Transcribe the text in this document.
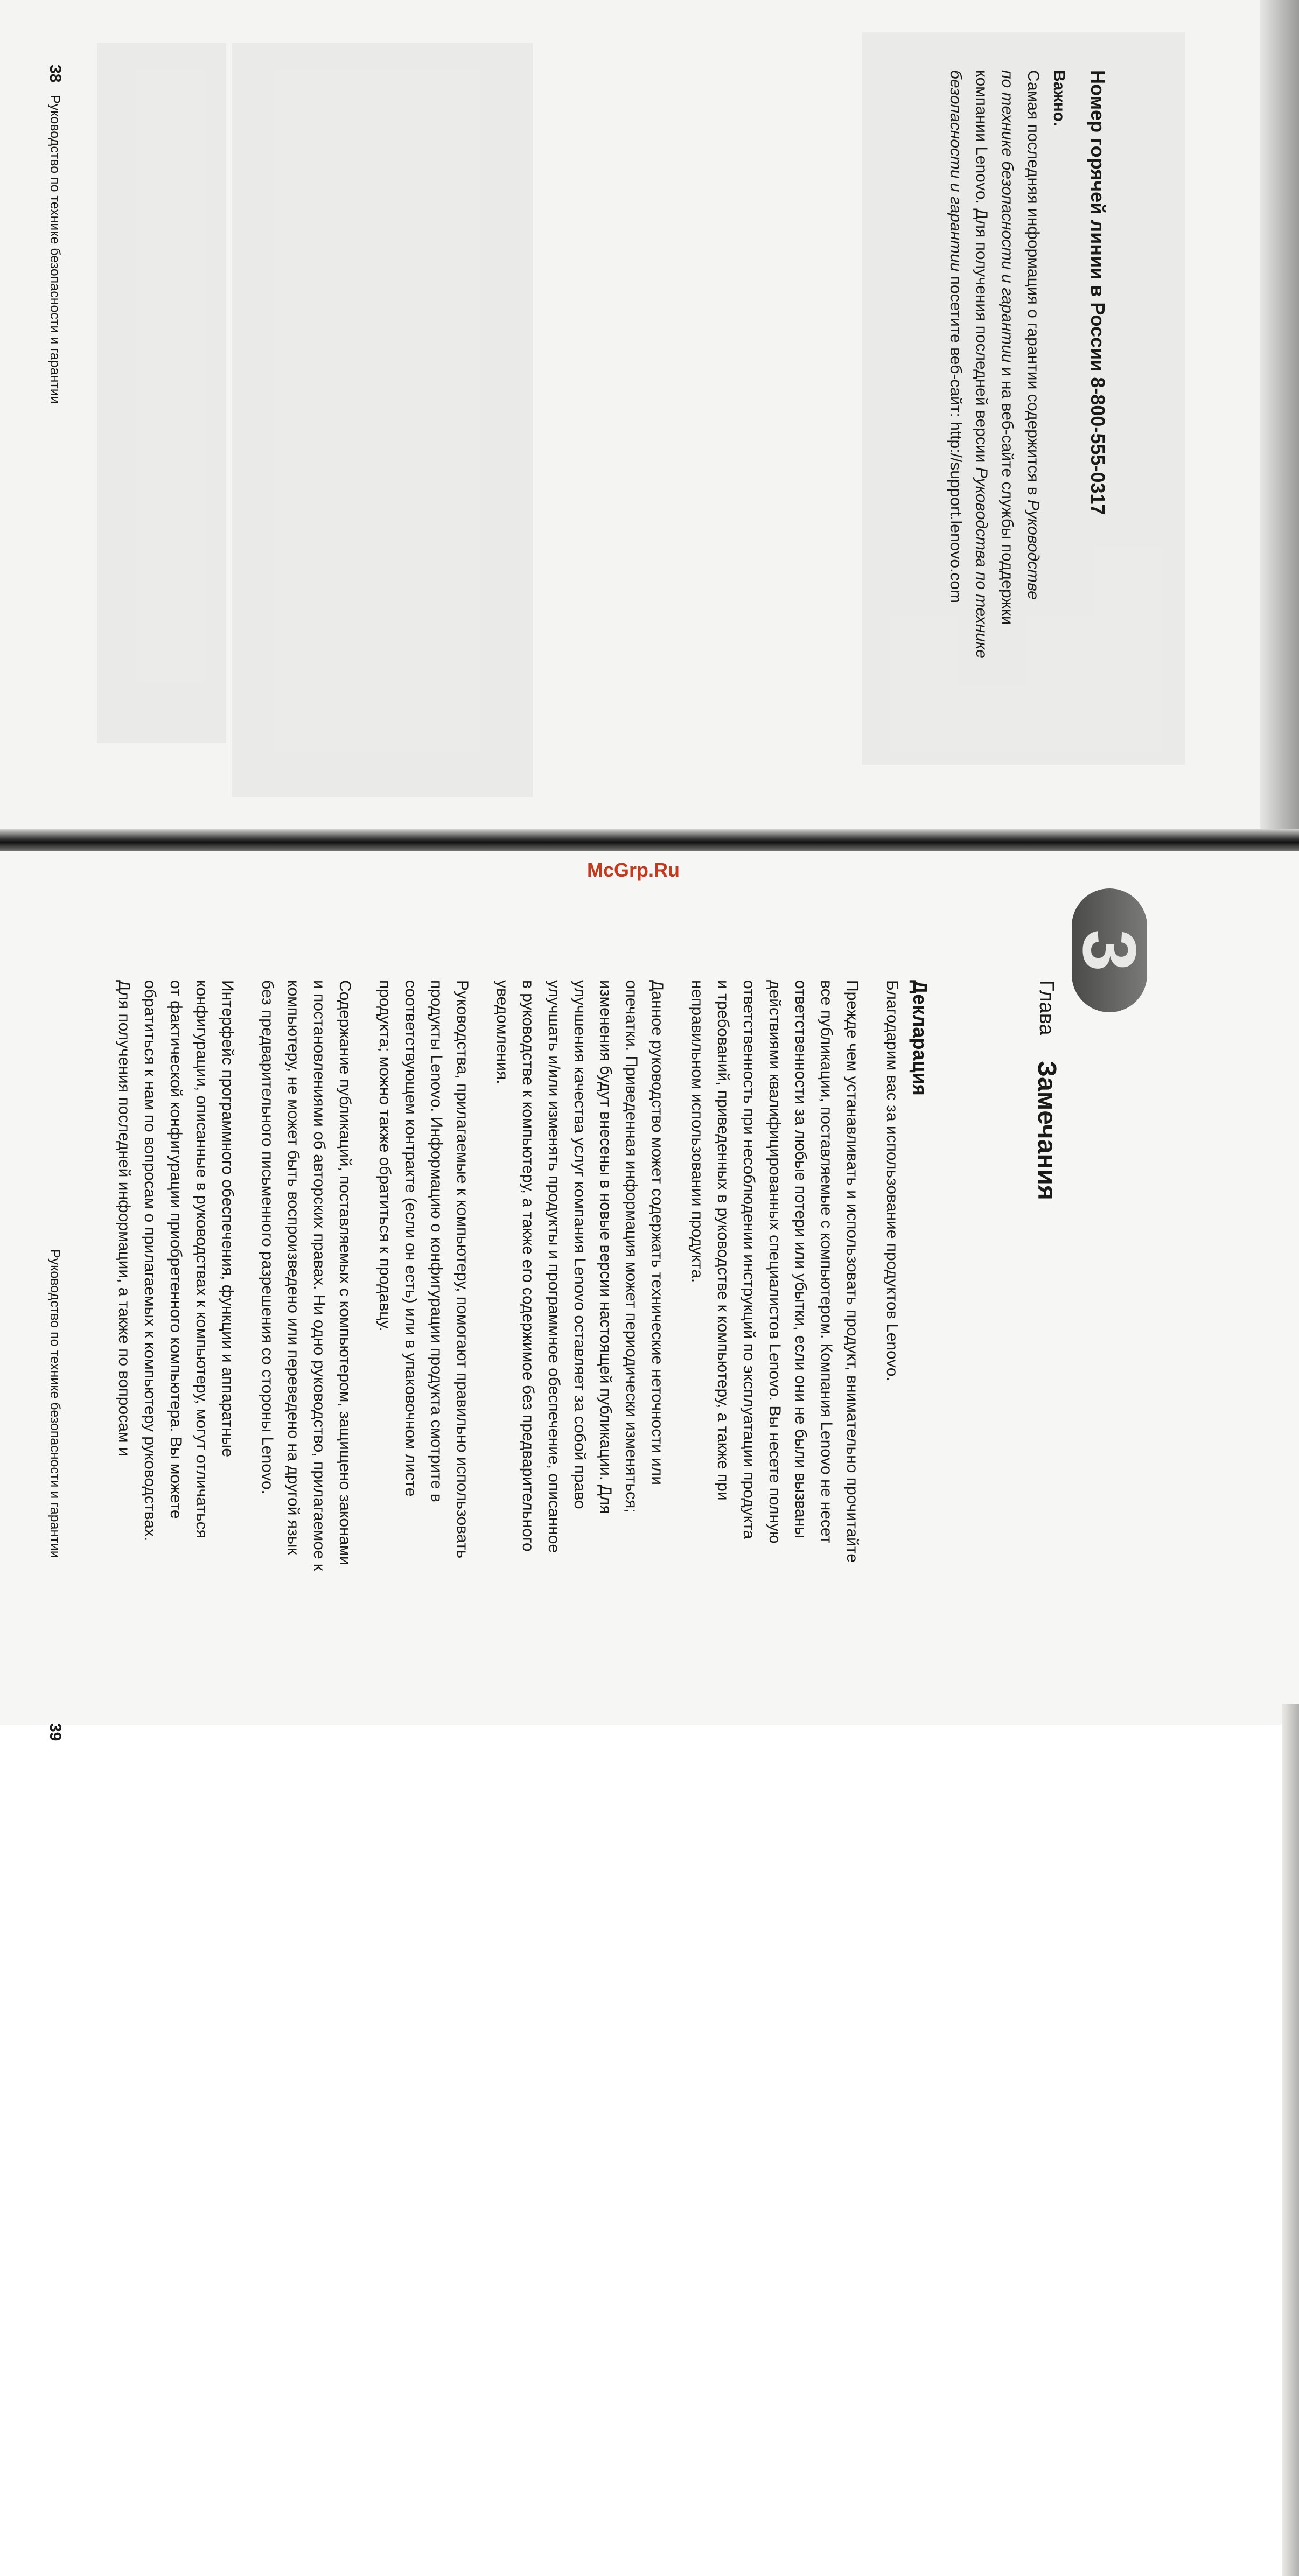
Номер горячей линии в России 8-800-555-0317

Важно.

Самая последняя информация о гарантии содержится в Руководстве

по технике безопасности и гарантии и на веб-сайте службы поддержки

компании Lenovo. Для получения последней версии Руководства по технике

безопасности и гарантии посетите веб-сайт: http://support.lenovo.com

38

Руководство по технике безопасности и гарантии

3

Глава

Замечания

Декларация

Благодарим вас за использование продуктов Lenovo.

Прежде чем устанавливать и использовать продукт, внимательно прочитайте

все публикации, поставляемые с компьютером. Компания Lenovo не несет

ответственности за любые потери или убытки, если они не были вызваны

действиями квалифицированных специалистов Lenovo. Вы несете полную

ответственность при несоблюдении инструкций по эксплуатации продукта

и требований, приведенных в руководстве к компьютеру, а также при

неправильном использовании продукта.

Данное руководство может содержать технические неточности или

опечатки. Приведенная информация может периодически изменяться;

изменения будут внесены в новые версии настоящей публикации. Для

улучшения качества услуг компания Lenovo оставляет за собой право

улучшать и/или изменять продукты и программное обеспечение, описанное

в руководстве к компьютеру, а также его содержимое без предварительного

уведомления.

Руководства, прилагаемые к компьютеру, помогают правильно использовать

продукты Lenovo. Информацию о конфигурации продукта смотрите в

соответствующем контракте (если он есть) или в упаковочном листе

продукта; можно также обратиться к продавцу.

Содержание публикаций, поставляемых с компьютером, защищено законами

и постановлениями об авторских правах. Ни одно руководство, прилагаемое к

компьютеру, не может быть воспроизведено или переведено на другой язык

без предварительного письменного разрешения со стороны Lenovo.

Интерфейс программного обеспечения, функции и аппаратные

конфигурации, описанные в руководствах к компьютеру, могут отличаться

от фактической конфигурации приобретенного компьютера. Вы можете

обратиться к нам по вопросам о прилагаемых к компьютеру руководствах.

Для получения последней информации, а также по вопросам и

Руководство по технике безопасности и гарантии

39

McGrp.Ru
